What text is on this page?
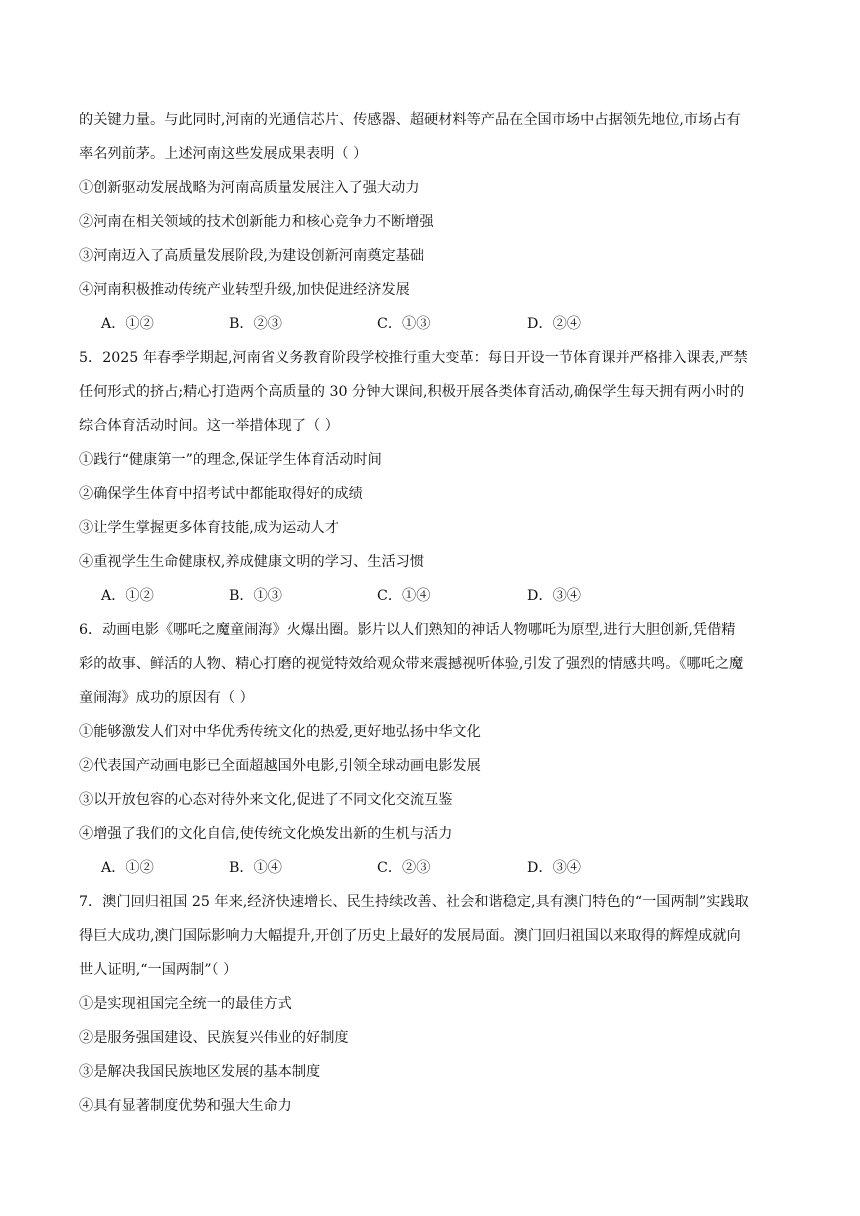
的关键力量。与此同时,河南的光通信芯片、传感器、超硬材料等产品在全国市场中占据领先地位,市场占有
率名列前茅。上述河南这些发展成果表明（ ）
①创新驱动发展战略为河南高质量发展注入了强大动力
②河南在相关领域的技术创新能力和核心竞争力不断增强
③河南迈入了高质量发展阶段,为建设创新河南奠定基础
④河南积极推动传统产业转型升级,加快促进经济发展
A．①②	B．②③	C．①③	D．②④
5．2025 年春季学期起,河南省义务教育阶段学校推行重大变革：每日开设一节体育课并严格排入课表,严禁
任何形式的挤占;精心打造两个高质量的 30 分钟大课间,积极开展各类体育活动,确保学生每天拥有两小时的
综合体育活动时间。这一举措体现了（ ）
①践行“健康第一”的理念,保证学生体育活动时间
②确保学生体育中招考试中都能取得好的成绩
③让学生掌握更多体育技能,成为运动人才
④重视学生生命健康权,养成健康文明的学习、生活习惯
A．①②	B．①③	C．①④	D．③④
6．动画电影《哪吒之魔童闹海》火爆出圈。影片以人们熟知的神话人物哪吒为原型,进行大胆创新,凭借精
彩的故事、鲜活的人物、精心打磨的视觉特效给观众带来震撼视听体验,引发了强烈的情感共鸣。《哪吒之魔
童闹海》成功的原因有（ ）
①能够激发人们对中华优秀传统文化的热爱,更好地弘扬中华文化
②代表国产动画电影已全面超越国外电影,引领全球动画电影发展
③以开放包容的心态对待外来文化,促进了不同文化交流互鉴
④增强了我们的文化自信,使传统文化焕发出新的生机与活力
A．①②	B．①④	C．②③	D．③④
7．澳门回归祖国 25 年来,经济快速增长、民生持续改善、社会和谐稳定,具有澳门特色的“一国两制”实践取
得巨大成功,澳门国际影响力大幅提升,开创了历史上最好的发展局面。澳门回归祖国以来取得的辉煌成就向
世人证明,“一国两制”（ ）
①是实现祖国完全统一的最佳方式
②是服务强国建设、民族复兴伟业的好制度
③是解决我国民族地区发展的基本制度
④具有显著制度优势和强大生命力
